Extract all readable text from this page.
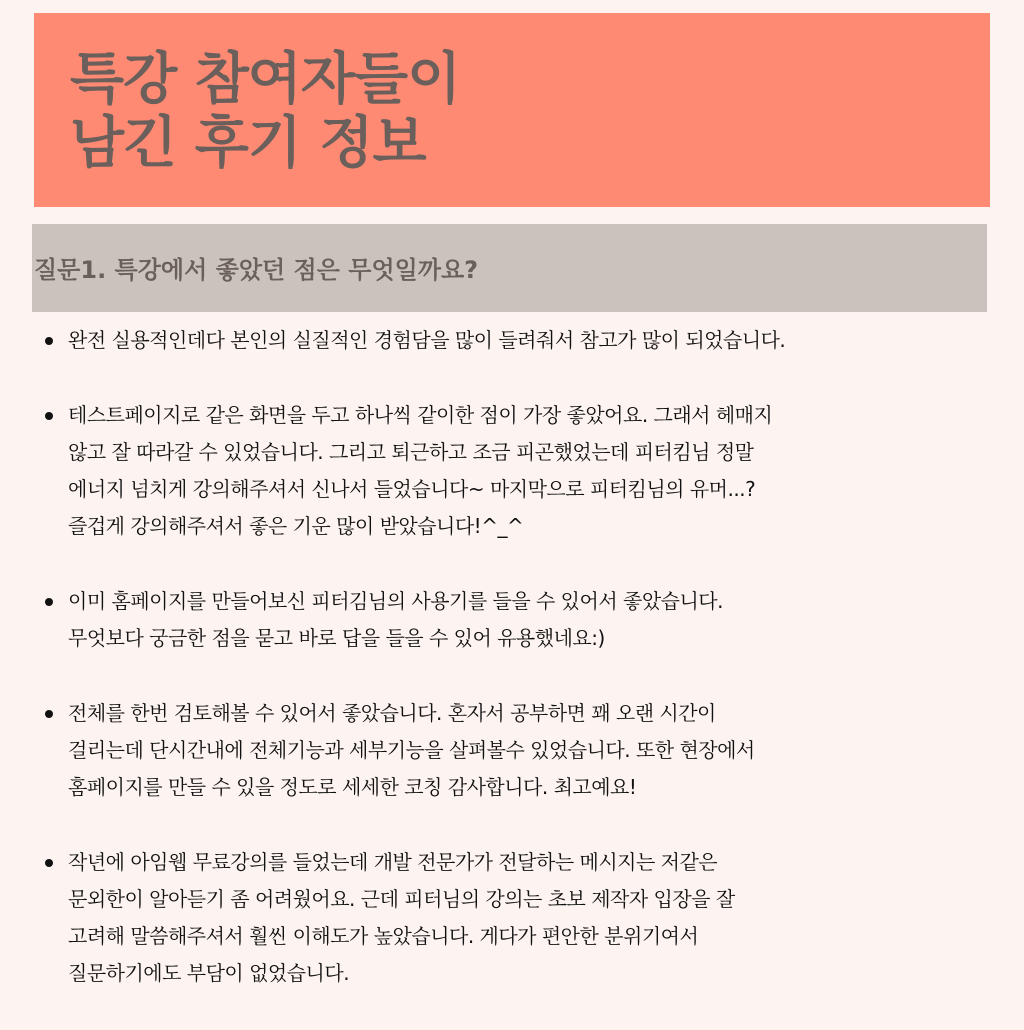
특강 참여자들이
남긴 후기 정보
질문1. 특강에서 좋았던 점은 무엇일까요?
완전 실용적인데다 본인의 실질적인 경험담을 많이 들려줘서 참고가 많이 되었습니다.
테스트페이지로 같은 화면을 두고 하나씩 같이한 점이 가장 좋았어요. 그래서 헤매지
않고 잘 따라갈 수 있었습니다. 그리고 퇴근하고 조금 피곤했었는데 피터킴님 정말
에너지 넘치게 강의해주셔서 신나서 들었습니다~ 마지막으로 피터킴님의 유머...?
즐겁게 강의해주셔서 좋은 기운 많이 받았습니다!^_^
이미 홈페이지를 만들어보신 피터김님의 사용기를 들을 수 있어서 좋았습니다.
무엇보다 궁금한 점을 묻고 바로 답을 들을 수 있어 유용했네요:)
전체를 한번 검토해볼 수 있어서 좋았습니다. 혼자서 공부하면 꽤 오랜 시간이
걸리는데 단시간내에 전체기능과 세부기능을 살펴볼수 있었습니다. 또한 현장에서
홈페이지를 만들 수 있을 정도로 세세한 코칭 감사합니다. 최고예요!
작년에 아임웹 무료강의를 들었는데 개발 전문가가 전달하는 메시지는 저같은
문외한이 알아듣기 좀 어려웠어요. 근데 피터님의 강의는 초보 제작자 입장을 잘
고려해 말씀해주셔서 훨씬 이해도가 높았습니다. 게다가 편안한 분위기여서
질문하기에도 부담이 없었습니다.
